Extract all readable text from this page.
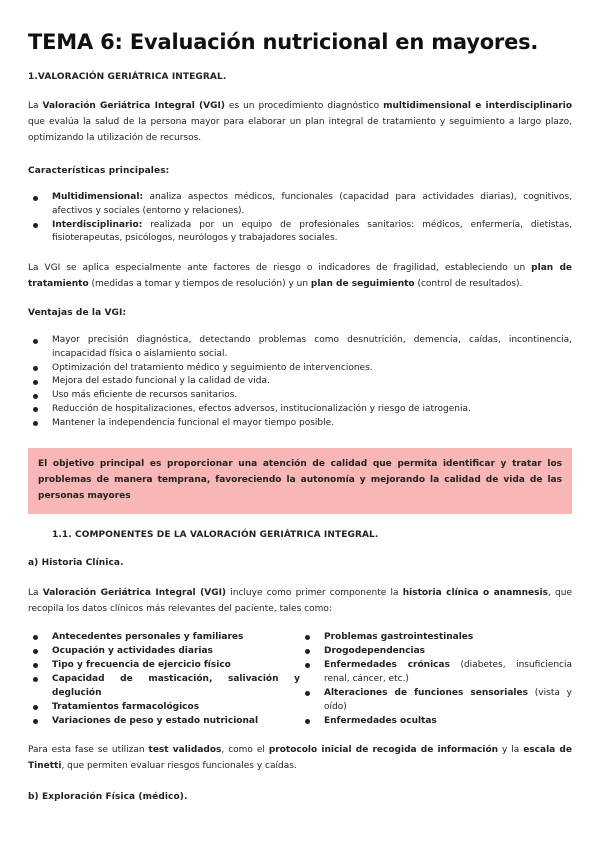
TEMA 6: Evaluación nutricional en mayores.
1.VALORACIÓN GERIÁTRICA INTEGRAL.

La Valoración Geriátrica Integral (VGI) es un procedimiento diagnóstico multidimensional e interdisciplinario que evalúa la salud de la persona mayor para elaborar un plan integral de tratamiento y seguimiento a largo plazo, optimizando la utilización de recursos.

Características principales:
Multidimensional: analiza aspectos médicos, funcionales (capacidad para actividades diarias), cognitivos, afectivos y sociales (entorno y relaciones).
Interdisciplinario: realizada por un equipo de profesionales sanitarios: médicos, enfermería, dietistas, fisioterapeutas, psicólogos, neurólogos y trabajadores sociales.

La VGI se aplica especialmente ante factores de riesgo o indicadores de fragilidad, estableciendo un plan de tratamiento (medidas a tomar y tiempos de resolución) y un plan de seguimiento (control de resultados).

Ventajas de la VGI:
Mayor precisión diagnóstica, detectando problemas como desnutrición, demencia, caídas, incontinencia, incapacidad física o aislamiento social.
Optimización del tratamiento médico y seguimiento de intervenciones.
Mejora del estado funcional y la calidad de vida.
Uso más eficiente de recursos sanitarios.
Reducción de hospitalizaciones, efectos adversos, institucionalización y riesgo de iatrogenia.
Mantener la independencia funcional el mayor tiempo posible.
El objetivo principal es proporcionar una atención de calidad que permita identificar y tratar los problemas de manera temprana, favoreciendo la autonomía y mejorando la calidad de vida de las personas mayores
1.1. COMPONENTES DE LA VALORACIÓN GERIÁTRICA INTEGRAL.
a) Historia Clínica.

La Valoración Geriátrica Integral (VGI) incluye como primer componente la historia clínica o anamnesis, que recopila los datos clínicos más relevantes del paciente, tales como:

Antecedentes personales y familiares
Ocupación y actividades diarias
Tipo y frecuencia de ejercicio físico
Capacidad de masticación, salivación y deglución
Tratamientos farmacológicos
Variaciones de peso y estado nutricional
Problemas gastrointestinales
Drogodependencias
Enfermedades crónicas (diabetes, insuficiencia renal, cáncer, etc.)
Alteraciones de funciones sensoriales (vista y oído)
Enfermedades ocultas

Para esta fase se utilizan test validados, como el protocolo inicial de recogida de información y la escala de Tinetti, que permiten evaluar riesgos funcionales y caídas.

b) Exploración Física (médico).
